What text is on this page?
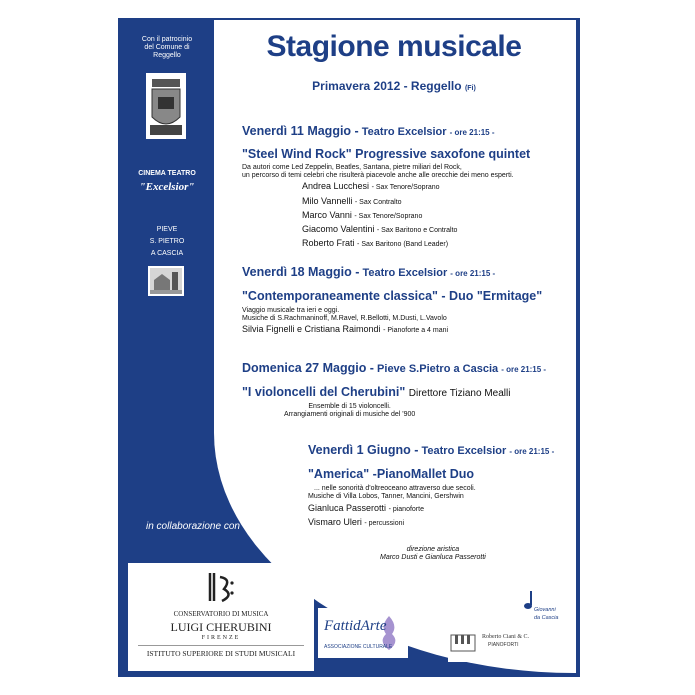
Con il patrocinio
del Comune di
Reggello
CINEMA TEATRO
"Excelsior"
PIEVE
S. PIETRO
A CASCIA
in collaborazione con
Stagione musicale
Primavera 2012 - Reggello (Fi)
Venerdì 11 Maggio - Teatro Excelsior - ore 21:15 -
"Steel Wind Rock" Progressive saxofone quintet
Da autori come Led Zeppelin, Beatles, Santana, pietre miliari del Rock,
un percorso di temi celebri che risulterà piacevole anche alle orecchie dei meno esperti.
Andrea Lucchesi - Sax Tenore/Soprano
Milo Vannelli - Sax Contralto
Marco Vanni - Sax Tenore/Soprano
Giacomo Valentini - Sax Baritono e Contralto
Roberto Frati - Sax Baritono (Band Leader)
Venerdì 18 Maggio - Teatro Excelsior - ore 21:15 -
"Contemporaneamente classica" - Duo "Ermitage"
Viaggio musicale tra ieri e oggi.
Musiche di S.Rachmaninoff, M.Ravel, R.Bellotti, M.Dusti, L.Vavolo
Silvia Fignelli e Cristiana Raimondi - Pianoforte a 4 mani
Domenica 27 Maggio - Pieve S.Pietro a Cascia - ore 21:15 -
"I violoncelli del Cherubini" Direttore Tiziano Mealli
Ensemble di 15 violoncelli.
Arrangiamenti originali di musiche del '900
Venerdì 1 Giugno - Teatro Excelsior - ore 21:15 -
"America" -PianoMallet Duo
... nelle sonorità d'oltreoceano attraverso due secoli.
Musiche di Villa Lobos, Tanner, Mancini, Gershwin
Gianluca Passerotti - pianoforte
Vismaro Uleri - percussioni
direzione aristica
Marco Dusti e Gianluca Passerotti
Associazione musicale
CONSERVATORIO DI MUSICA
LUIGI CHERUBINI
FIRENZE
ISTITUTO SUPERIORE DI STUDI MUSICALI
FattidArte
ASSOCIAZIONE CULTURALE
Giovanni
da Cascia
Roberto Ciani & C.
PIANOFORTI
